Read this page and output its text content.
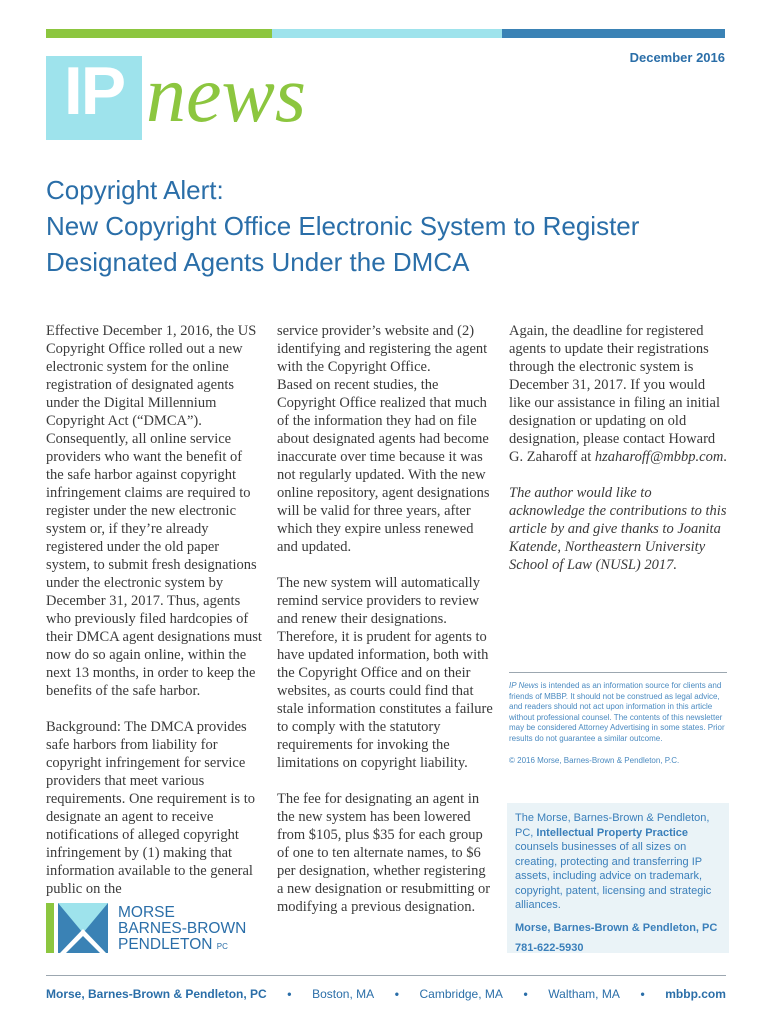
December 2016
IP news
Copyright Alert:
New Copyright Office Electronic System to Register
Designated Agents Under the DMCA

Effective December 1, 2016, the US Copyright Office rolled out a new electronic system for the online registration of designated agents under the Digital Millennium Copyright Act (“DMCA”). Consequently, all online service providers who want the benefit of the safe harbor against copyright infringement claims are required to register under the new electronic system or, if they’re already registered under the old paper system, to submit fresh designations under the electronic system by December 31, 2017. Thus, agents who previously filed hardcopies of their DMCA agent designations must now do so again online, within the next 13 months, in order to keep the benefits of the safe harbor.

Background: The DMCA provides safe harbors from liability for copyright infringement for service providers that meet various requirements. One requirement is to designate an agent to receive notifications of alleged copyright infringement by (1) making that information available to the general public on the

service provider’s website and (2) identifying and registering the agent with the Copyright Office.

Based on recent studies, the Copyright Office realized that much of the information they had on file about designated agents had become inaccurate over time because it was not regularly updated. With the new online repository, agent designations will be valid for three years, after which they expire unless renewed and updated.

The new system will automatically remind service providers to review and renew their designations. Therefore, it is prudent for agents to have updated information, both with the Copyright Office and on their websites, as courts could find that stale information constitutes a failure to comply with the statutory requirements for invoking the limitations on copyright liability.

The fee for designating an agent in the new system has been lowered from $105, plus $35 for each group of one to ten alternate names, to $6 per designation, whether registering a new designation or resubmitting or modifying a previous designation.

Again, the deadline for registered agents to update their registrations through the electronic system is December 31, 2017. If you would like our assistance in filing an initial designation or updating on old designation, please contact Howard G. Zaharoff at hzaharoff@mbbp.com.

The author would like to acknowledge the contributions to this article by and give thanks to Joanita Katende, Northeastern University School of Law (NUSL) 2017.

IP News is intended as an information source for clients and friends of MBBP. It should not be construed as legal advice, and readers should not act upon information in this article without professional counsel. The contents of this newsletter may be considered Attorney Advertising in some states. Prior results do not guarantee a similar outcome.

© 2016 Morse, Barnes-Brown & Pendleton, P.C.

The Morse, Barnes-Brown & Pendleton, PC, Intellectual Property Practice counsels businesses of all sizes on creating, protecting and transferring IP assets, including advice on trademark, copyright, patent, licensing and strategic alliances.

Morse, Barnes-Brown & Pendleton, PC

781-622-5930

MORSE
BARNES-BROWN
PENDLETON PC
Morse, Barnes-Brown & Pendleton, PC • Boston, MA • Cambridge, MA • Waltham, MA • mbbp.com
